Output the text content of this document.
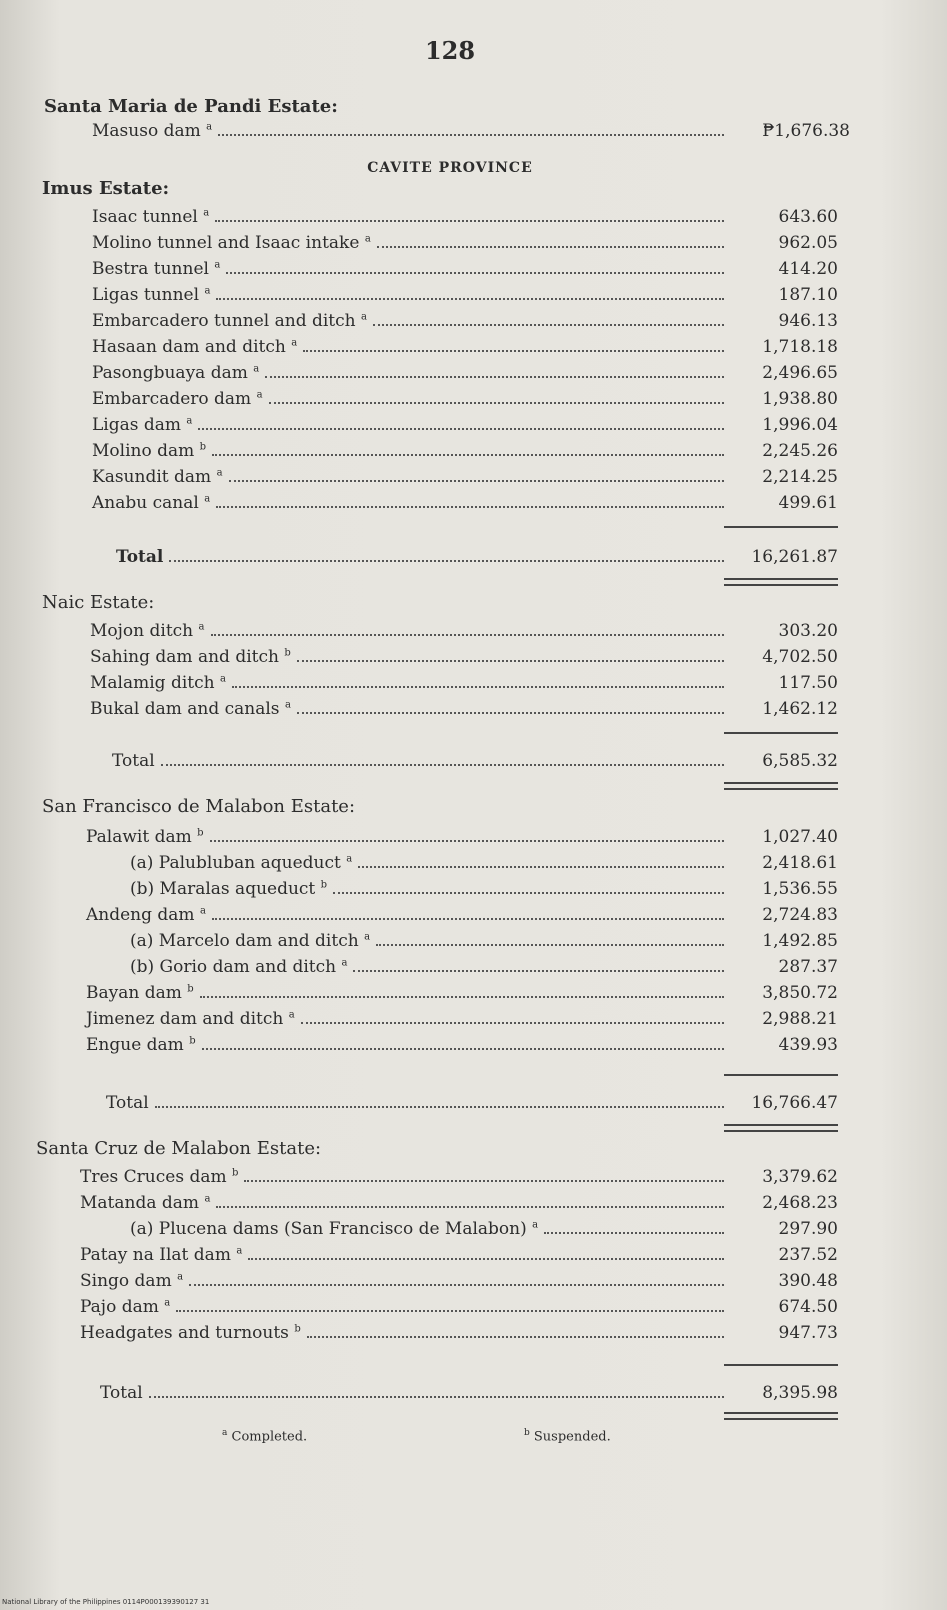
128
Santa Maria de Pandi Estate:
Masuso dam $^a$	₱1,676.38
CAVITE PROVINCE
Imus Estate:
Naic Estate:
San Francisco de Malabon Estate:
Santa Cruz de Malabon Estate:
Isaac tunnel $^a$	643.60
Molino tunnel and Isaac intake $^a$	962.05
Bestra tunnel $^a$	414.20
Ligas tunnel $^a$	187.10
Embarcadero tunnel and ditch $^a$	946.13
Hasaan dam and ditch $^a$	1,718.18
Pasongbuaya dam $^a$	2,496.65
Embarcadero dam $^a$	1,938.80
Ligas dam $^a$	1,996.04
Molino dam $^b$	2,245.26
Kasundit dam $^a$	2,214.25
Anabu canal $^a$	499.61
Total	16,261.87
Mojon ditch $^a$	303.20
Sahing dam and ditch $^b$	4,702.50
Malamig ditch $^a$	117.50
Bukal dam and canals $^a$	1,462.12
Total	6,585.32
Palawit dam $^b$	1,027.40
(a) Palubluban aqueduct $^a$	2,418.61
(b) Maralas aqueduct $^b$	1,536.55
Andeng dam $^a$	2,724.83
(a) Marcelo dam and ditch $^a$	1,492.85
(b) Gorio dam and ditch $^a$	287.37
Bayan dam $^b$	3,850.72
Jimenez dam and ditch $^a$	2,988.21
Engue dam $^b$	439.93
Total	16,766.47
Tres Cruces dam $^b$	3,379.62
Matanda dam $^a$	2,468.23
(a) Plucena dams (San Francisco de Malabon) $^a$	297.90
Patay na Ilat dam $^a$	237.52
Singo dam $^a$	390.48
Pajo dam $^a$	674.50
Headgates and turnouts $^b$	947.73
Total	8,395.98
$^a$ Completed.	$^b$ Suspended.
National Library of the Philippines 0114P000139390127 31
